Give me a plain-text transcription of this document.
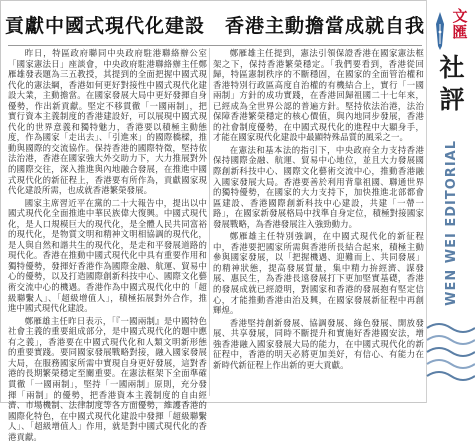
貢獻中國式現代化建設　香港主動擔當成就自我

昨日，特區政府聯同中央政府駐港聯絡辦公室「國家憲法日」座談會，中央政府駐港聯絡辦主任鄭雁雄發表題為三五教授，其提到的全面把握中國式現代化的憲法綱，香港如何更好對接性中國式現代化建設大業，主動擔當。在國家發展大局中更好發揮自身優勢，作出新貢獻。堅定不移貫徹「一國兩制」，把實行資本主義制度的香港建設好，可以展現中國式現代化的世界意義和獨特魅力，香港要以積極主動態度，作為國家「走出去」、「引進來」的國際橋樑，推動與國際的交流協作。保持香港的國際特徵，堅持依法治港，香港在國家強大外交助力下，大力推展對外的國際交往，深入推進與內地融合發展，在推進中國式現代化的新征程上，香港要有所作為，貢獻國家現代化建設所需，也成就香港繁榮發展。

國家主席習近平在黨的二十大報告中，提出以中國式現代化全面推進中華民族偉大復興。中國式現代化，是人口規模巨大的現代化，是全體人民共同富裕的現代化，是物質文明和精神文明相協調的現代化，是人與自然和諧共生的現代化，是走和平發展道路的現代化。香港在推動中國式現代化中具有重要作用和獨特優勢，發揮好香港作為國際金融、航運、貿易中心的優勢，以及打造國際創新科技中心、國際文化藝術交流中心的機遇。香港作為中國式現代化中的「超級聯繫人」、「超級增值人」，積極拓展對外合作，推進中國式現代化建設。

鄭雁雄主任昨日表示，「『一國兩制』是中國特色社會主義的重要組成部分，是中國式現代化的題中應有之義」，香港要在中國式現代化和人類文明新形態的重要實踐。要同國家發展戰略對接，融入國家發展大局，在服務國家所需中實現自身更好發展，這對香港的長期繁榮穩定至關重要。在憲法框架下全面準確貫徹「一國兩制」，堅持「一國兩制」原則，充分發揮「兩制」的優勢，把香港資本主義制度的自由經濟、市場機制、法律制度等各方面優勢，維護香港的國際化特色，在中國式現代化建設中發揮「超級聯繫人」、「超級增值人」作用，就是對中國式現代化的香港貢獻。

鄭雁雄主任提到，憲法引領保證香港在國家憲法框架之下，保持香港繁榮穩定。「我們要看到，香港從回歸，特區憲制秩序的不斷穩固，在國家的全面管治權和香港特別行政區高度自治權的有機結合上，實行「一國兩制」方針的成功實踐，在香港回歸祖國二十七年來，已經成為全世界公認的普遍方針。堅持依法治港，法治保障香港繁榮穩定的核心價值，與內地同步發展，香港的社會制度優勢，在中國式現代化的進程中大顯身手，才能在國家現代化建設中最顯特殊品質的風采之一。

在憲法和基本法的指引下，中央政府全力支持香港保持國際金融、航運、貿易中心地位，並且大力發展國際創新科技中心、國際文化藝術交流中心，推動香港融入國家發展大局。香港要善於利用背靠祖國、聯通世界的獨特優勢，在國家的大力支持下，加快推進北部都會區建設、香港國際創新科技中心建設，共建「一帶一路」，在國家新發展格局中找準自身定位，積極對接國家發展戰略，為香港發展注入強勁動力。

鄭雁雄主任特別強調，在中國式現代化的新征程中，香港要把國家所需與香港所長結合起來，積極主動參與國家發展，以「把握機遇、迎難而上、共同發展」的精神狀態，提高發展質量，集中精力拚經濟、謀發展、惠民生，為香港長遠發展打下更加堅實基礎，香港的發展成就已經證明，對國家和香港的發展抱有堅定信心，才能推動香港由治及興，在國家發展新征程中再創輝煌。

香港堅持創新發展、協調發展、綠色發展、開放發展、共享發展，同時不斷提升和實施好香港國安法，增強香港融入國家發展大局的能力，在中國式現代化的新征程中，香港的明天必將更加美好，有信心、有能力在新時代新征程上作出新的更大貢獻。

文
匯
社
評
WEN WEI EDITORIAL
